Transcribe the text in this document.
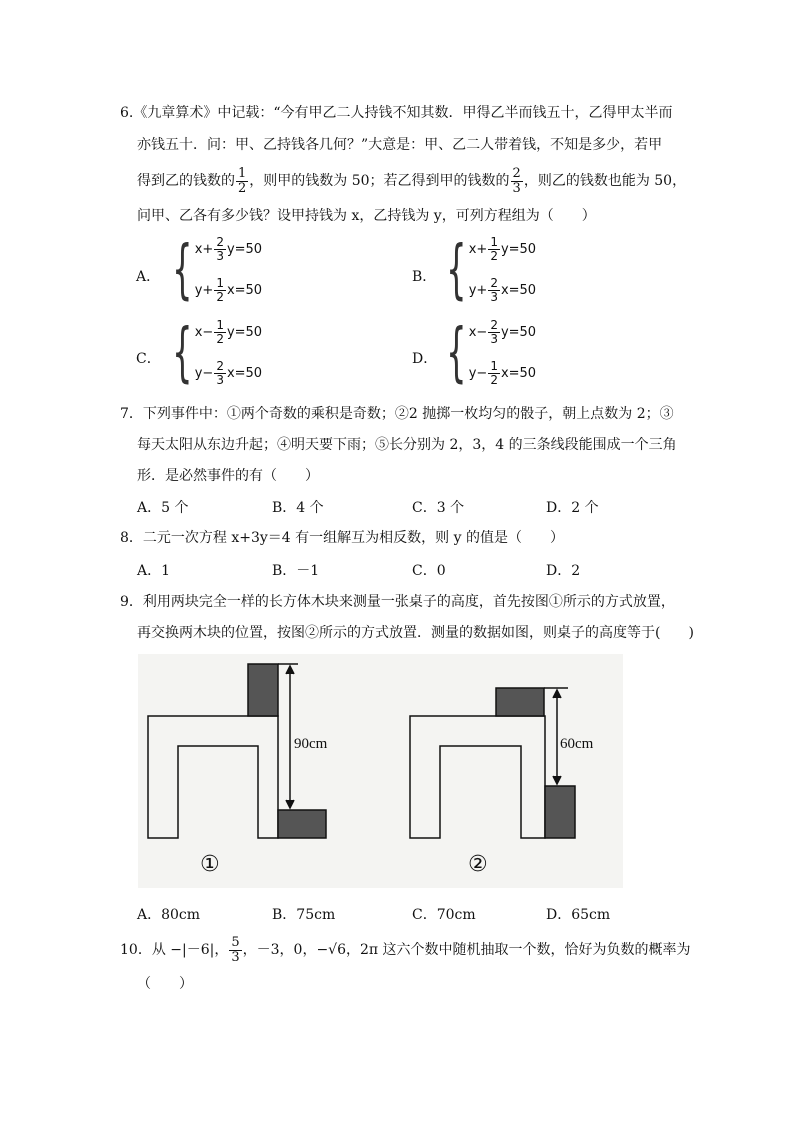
6.《九章算术》中记载：“今有甲乙二人持钱不知其数．甲得乙半而钱五十，乙得甲太半而
亦钱五十．问：甲、乙持钱各几何？”大意是：甲、乙二人带着钱，不知是多少，若甲
得到乙的钱数的 $\frac{1}{2}$ ，则甲的钱数为 50；若乙得到甲的钱数的 $\frac{2}{3}$ ，则乙的钱数也能为 50，
问甲、乙各有多少钱？设甲持钱为 x，乙持钱为 y，可列方程组为（　　）
A． { $x+ \frac{2}{3} y=50$
$y+ \frac{1}{2} x=50$
B． { $x+ \frac{1}{2} y=50$
$y+ \frac{2}{3} x=50$
C． { $x- \frac{1}{2} y=50$
$y- \frac{2}{3} x=50$
D． { $x- \frac{2}{3} y=50$
$y- \frac{1}{2} x=50$
7．下列事件中：①两个奇数的乘积是奇数；②2 抛掷一枚均匀的骰子，朝上点数为 2；③
每天太阳从东边升起；④明天要下雨；⑤长分别为 2，3，4 的三条线段能围成一个三角
形．是必然事件的有（　　）
A．5 个	B．4 个	C．3 个	D．2 个
8．二元一次方程 x+3y＝4 有一组解互为相反数，则 y 的值是（　　）
A．1	B．－1	C．0	D．2
9．利用两块完全一样的长方体木块来测量一张桌子的高度，首先按图①所示的方式放置，
再交换两木块的位置，按图②所示的方式放置．测量的数据如图，则桌子的高度等于(　　)
90cm
①
60cm
②
A．80cm	B．75cm	C．70cm	D．65cm
10．从 −|－6|， $\frac{5}{3}$ ，－3，0，−√6，2π 这六个数中随机抽取一个数，恰好为负数的概率为
（　　）
